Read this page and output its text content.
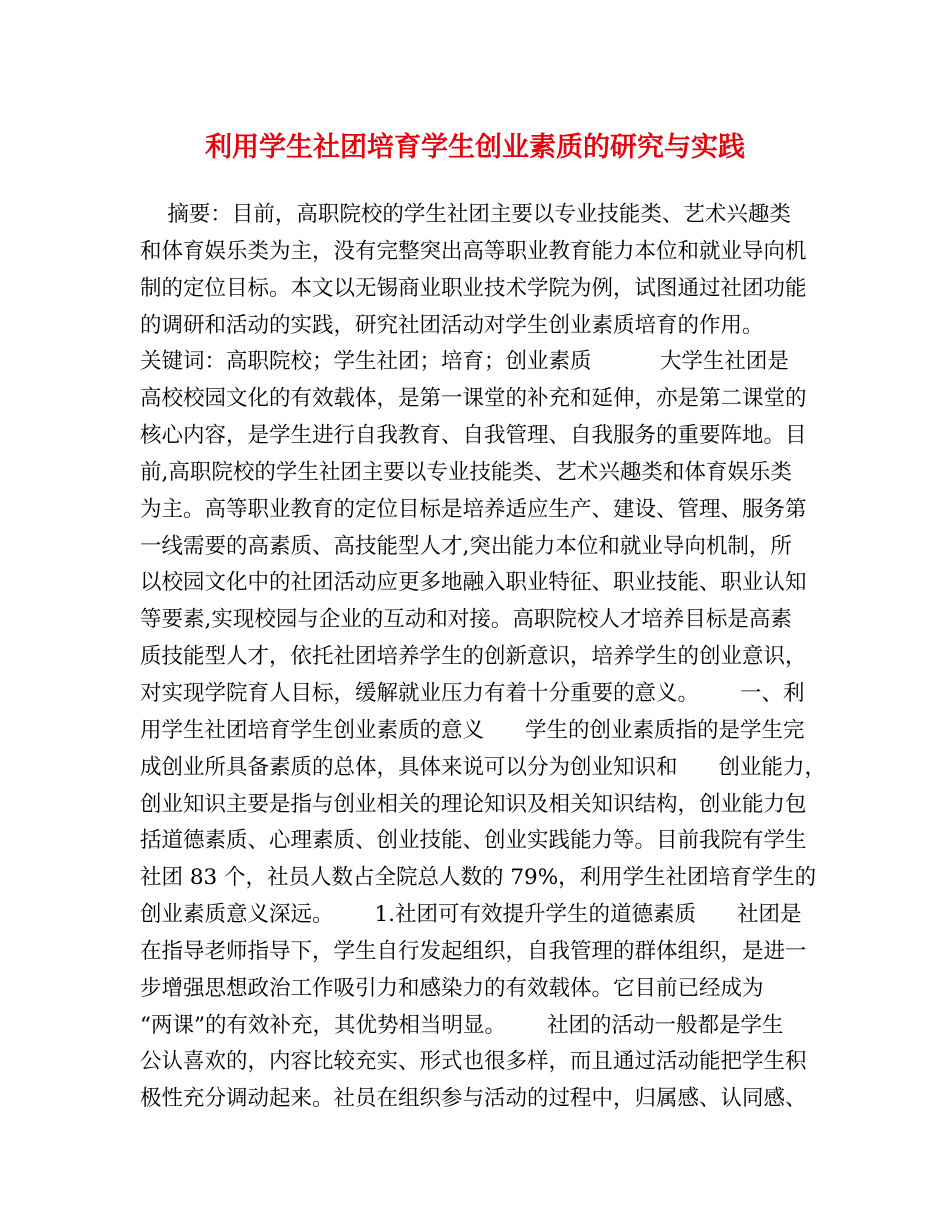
利用学生社团培育学生创业素质的研究与实践
摘要：目前，高职院校的学生社团主要以专业技能类、艺术兴趣类
和体育娱乐类为主，没有完整突出高等职业教育能力本位和就业导向机
制的定位目标。本文以无锡商业职业技术学院为例，试图通过社团功能
的调研和活动的实践，研究社团活动对学生创业素质培育的作用。
关键词：高职院校；学生社团；培育；创业素质          大学生社团是
高校校园文化的有效载体，是第一课堂的补充和延伸，亦是第二课堂的
核心内容，是学生进行自我教育、自我管理、自我服务的重要阵地。目
前,高职院校的学生社团主要以专业技能类、艺术兴趣类和体育娱乐类
为主。高等职业教育的定位目标是培养适应生产、建设、管理、服务第
一线需要的高素质、高技能型人才,突出能力本位和就业导向机制，所
以校园文化中的社团活动应更多地融入职业特征、职业技能、职业认知
等要素,实现校园与企业的互动和对接。高职院校人才培养目标是高素
质技能型人才，依托社团培养学生的创新意识，培养学生的创业意识，
对实现学院育人目标，缓解就业压力有着十分重要的意义。      一、利
用学生社团培育学生创业素质的意义      学生的创业素质指的是学生完
成创业所具备素质的总体，具体来说可以分为创业知识和      创业能力，
创业知识主要是指与创业相关的理论知识及相关知识结构，创业能力包
括道德素质、心理素质、创业技能、创业实践能力等。目前我院有学生
社团 83 个，社员人数占全院总人数的 79%，利用学生社团培育学生的
创业素质意义深远。      1.社团可有效提升学生的道德素质      社团是
在指导老师指导下，学生自行发起组织，自我管理的群体组织，是进一
步增强思想政治工作吸引力和感染力的有效载体。它目前已经成为
“两课”的有效补充，其优势相当明显。      社团的活动一般都是学生
公认喜欢的，内容比较充实、形式也很多样，而且通过活动能把学生积
极性充分调动起来。社员在组织参与活动的过程中，归属感、认同感、
